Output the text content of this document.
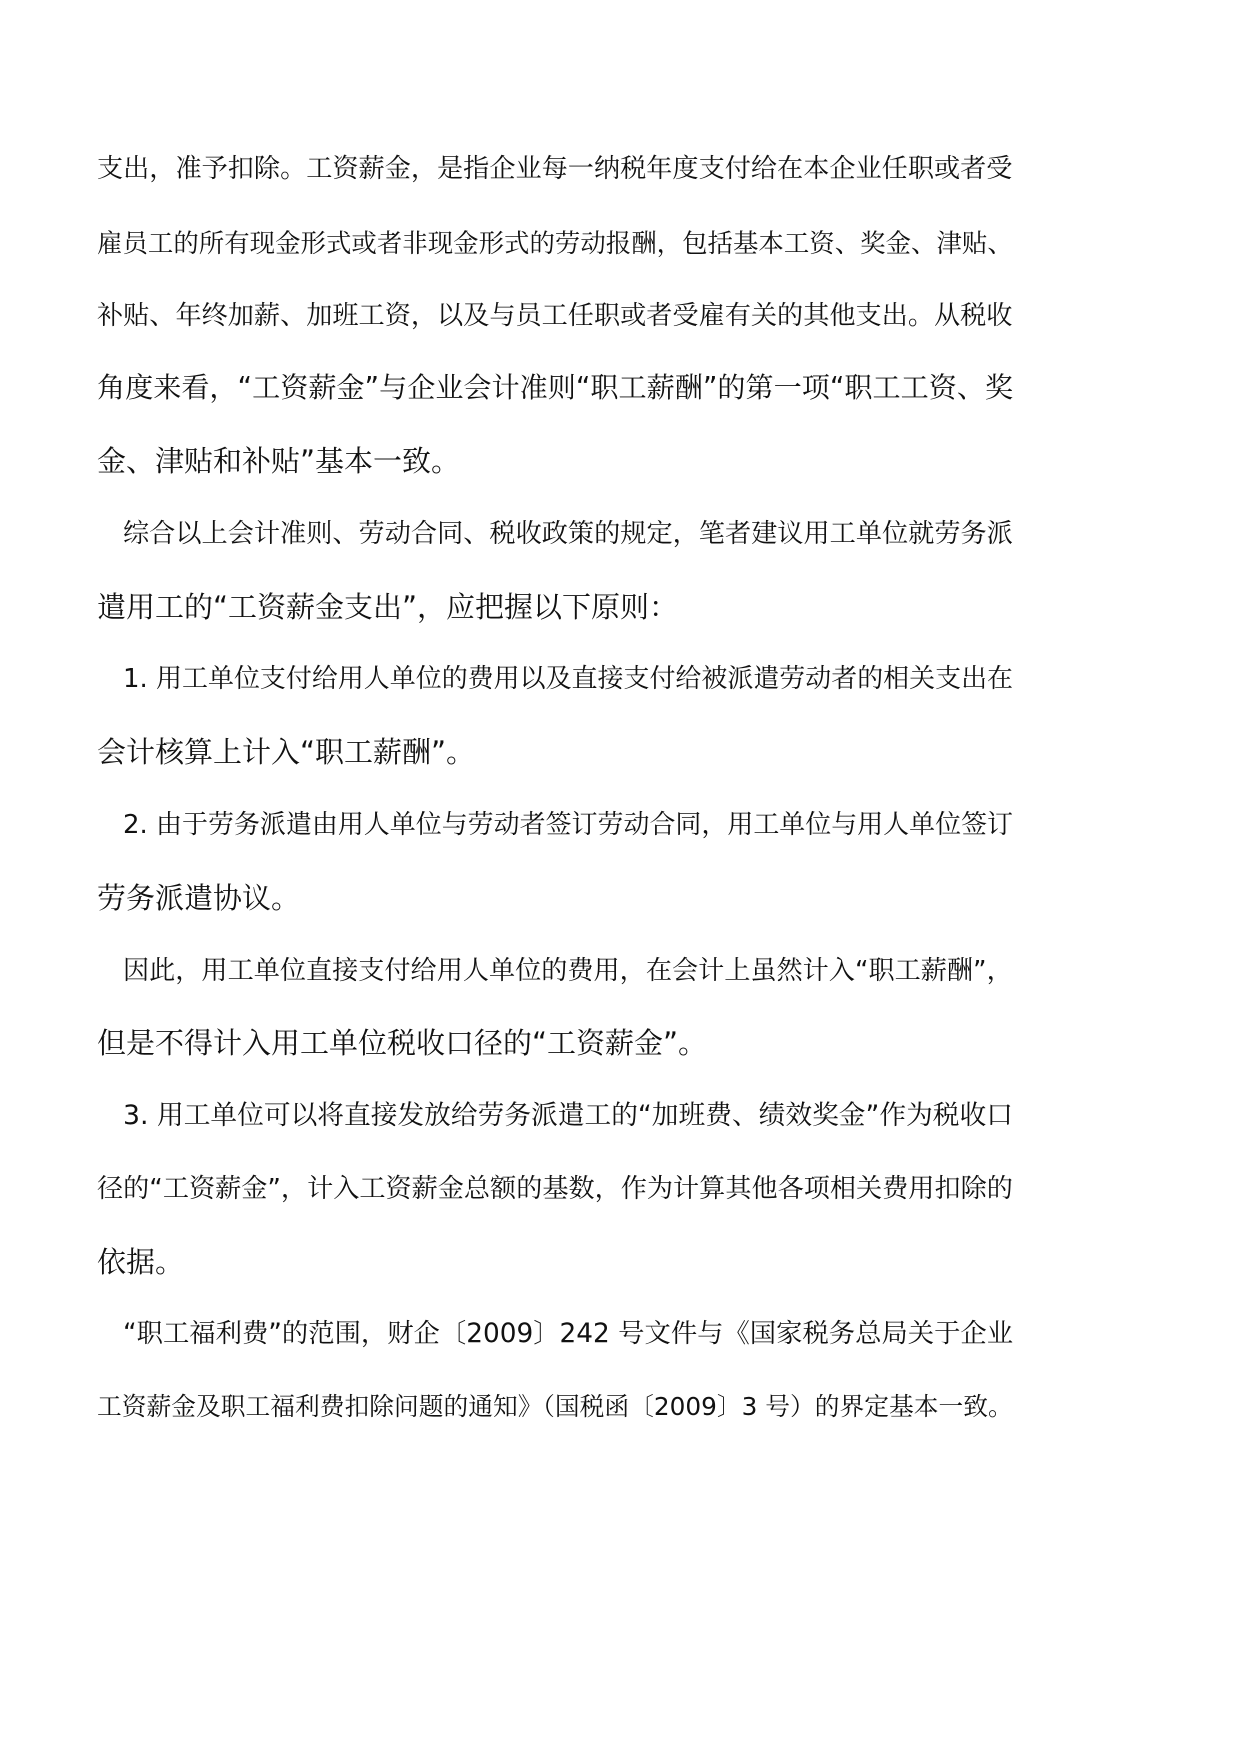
支出，准予扣除。工资薪金，是指企业每一纳税年度支付给在本企业任职或者受

雇员工的所有现金形式或者非现金形式的劳动报酬，包括基本工资、奖金、津贴、

补贴、年终加薪、加班工资，以及与员工任职或者受雇有关的其他支出。从税收

角度来看，“工资薪金”与企业会计准则“职工薪酬”的第一项“职工工资、奖

金、津贴和补贴”基本一致。

综合以上会计准则、劳动合同、税收政策的规定，笔者建议用工单位就劳务派

遣用工的“工资薪金支出”，应把握以下原则：

1. 用工单位支付给用人单位的费用以及直接支付给被派遣劳动者的相关支出在

会计核算上计入“职工薪酬”。

2. 由于劳务派遣由用人单位与劳动者签订劳动合同，用工单位与用人单位签订

劳务派遣协议。

因此，用工单位直接支付给用人单位的费用，在会计上虽然计入“职工薪酬”，

但是不得计入用工单位税收口径的“工资薪金”。

3. 用工单位可以将直接发放给劳务派遣工的“加班费、绩效奖金”作为税收口

径的“工资薪金”，计入工资薪金总额的基数，作为计算其他各项相关费用扣除的

依据。

“职工福利费”的范围，财企〔2009〕242 号文件与《国家税务总局关于企业

工资薪金及职工福利费扣除问题的通知》（国税函〔2009〕3 号）的界定基本一致。
